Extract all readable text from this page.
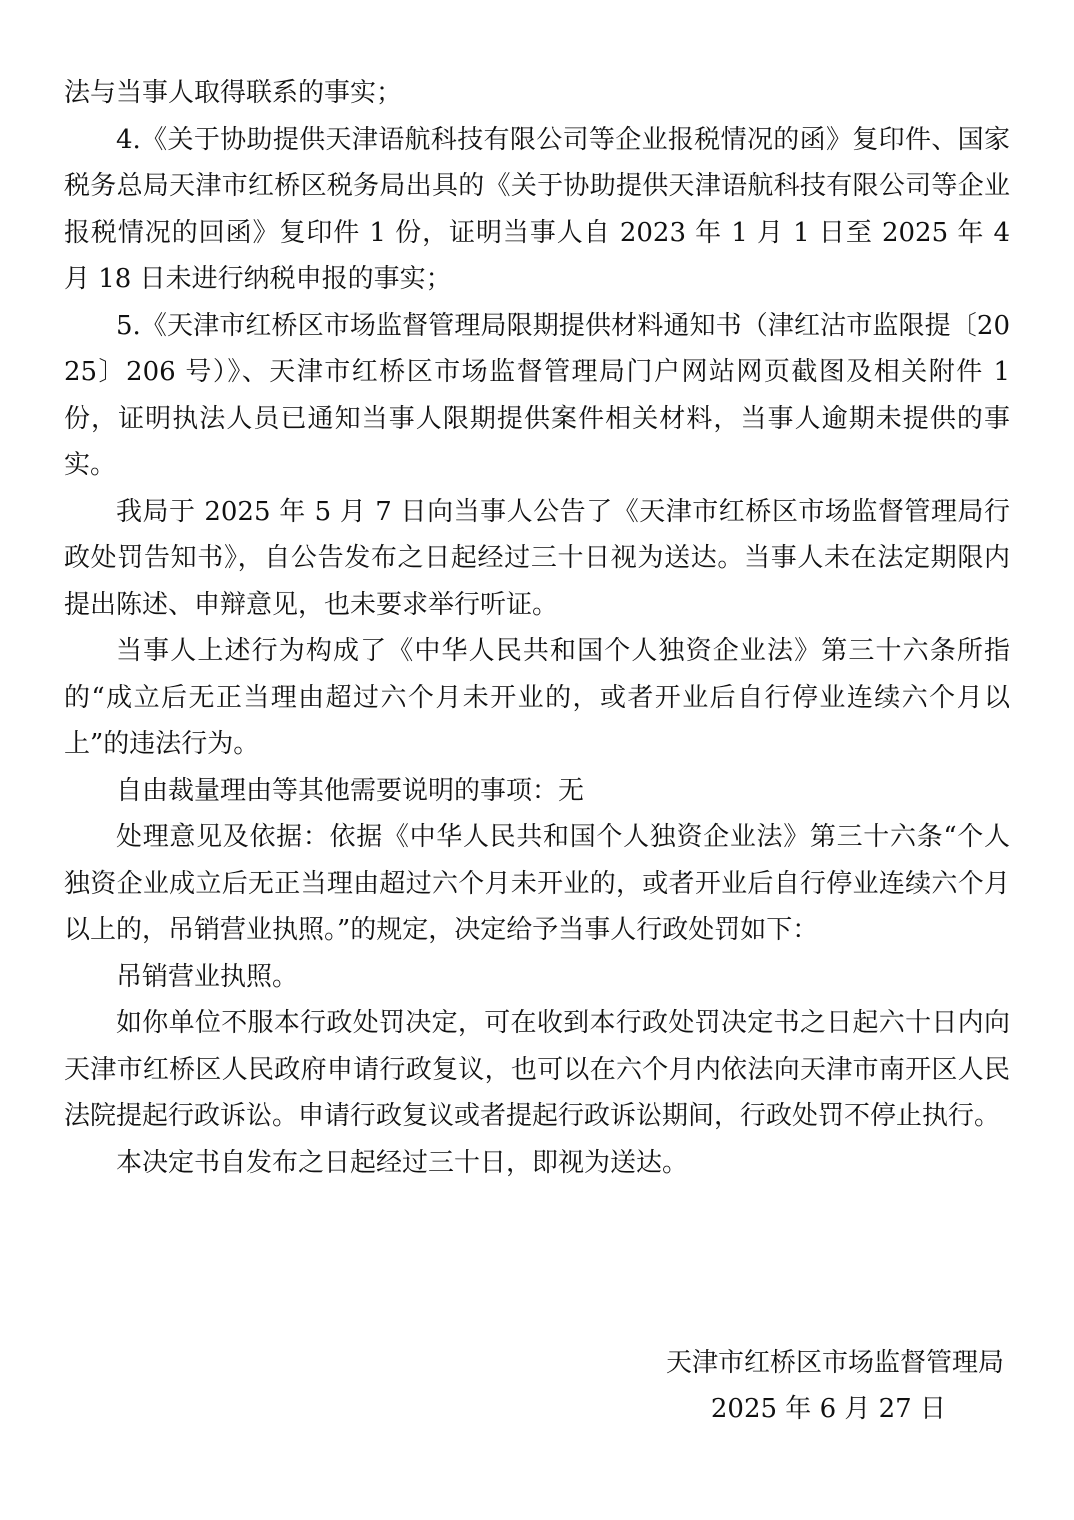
法与当事人取得联系的事实；

4.《关于协助提供天津语航科技有限公司等企业报税情况的函》复印件、国家税务总局天津市红桥区税务局出具的《关于协助提供天津语航科技有限公司等企业报税情况的回函》复印件 1 份，证明当事人自 2023 年 1 月 1 日至 2025 年 4 月 18 日未进行纳税申报的事实；

5.《天津市红桥区市场监督管理局限期提供材料通知书（津红沽市监限提〔2025〕206 号）》、天津市红桥区市场监督管理局门户网站网页截图及相关附件 1 份，证明执法人员已通知当事人限期提供案件相关材料，当事人逾期未提供的事实。

我局于 2025 年 5 月 7 日向当事人公告了《天津市红桥区市场监督管理局行政处罚告知书》，自公告发布之日起经过三十日视为送达。当事人未在法定期限内提出陈述、申辩意见，也未要求举行听证。

当事人上述行为构成了《中华人民共和国个人独资企业法》第三十六条所指的“成立后无正当理由超过六个月未开业的，或者开业后自行停业连续六个月以上”的违法行为。

自由裁量理由等其他需要说明的事项：无

处理意见及依据：依据《中华人民共和国个人独资企业法》第三十六条“个人独资企业成立后无正当理由超过六个月未开业的，或者开业后自行停业连续六个月以上的，吊销营业执照。”的规定，决定给予当事人行政处罚如下：

吊销营业执照。

如你单位不服本行政处罚决定，可在收到本行政处罚决定书之日起六十日内向天津市红桥区人民政府申请行政复议，也可以在六个月内依法向天津市南开区人民法院提起行政诉讼。申请行政复议或者提起行政诉讼期间，行政处罚不停止执行。

本决定书自发布之日起经过三十日，即视为送达。

天津市红桥区市场监督管理局
2025 年 6 月 27 日
